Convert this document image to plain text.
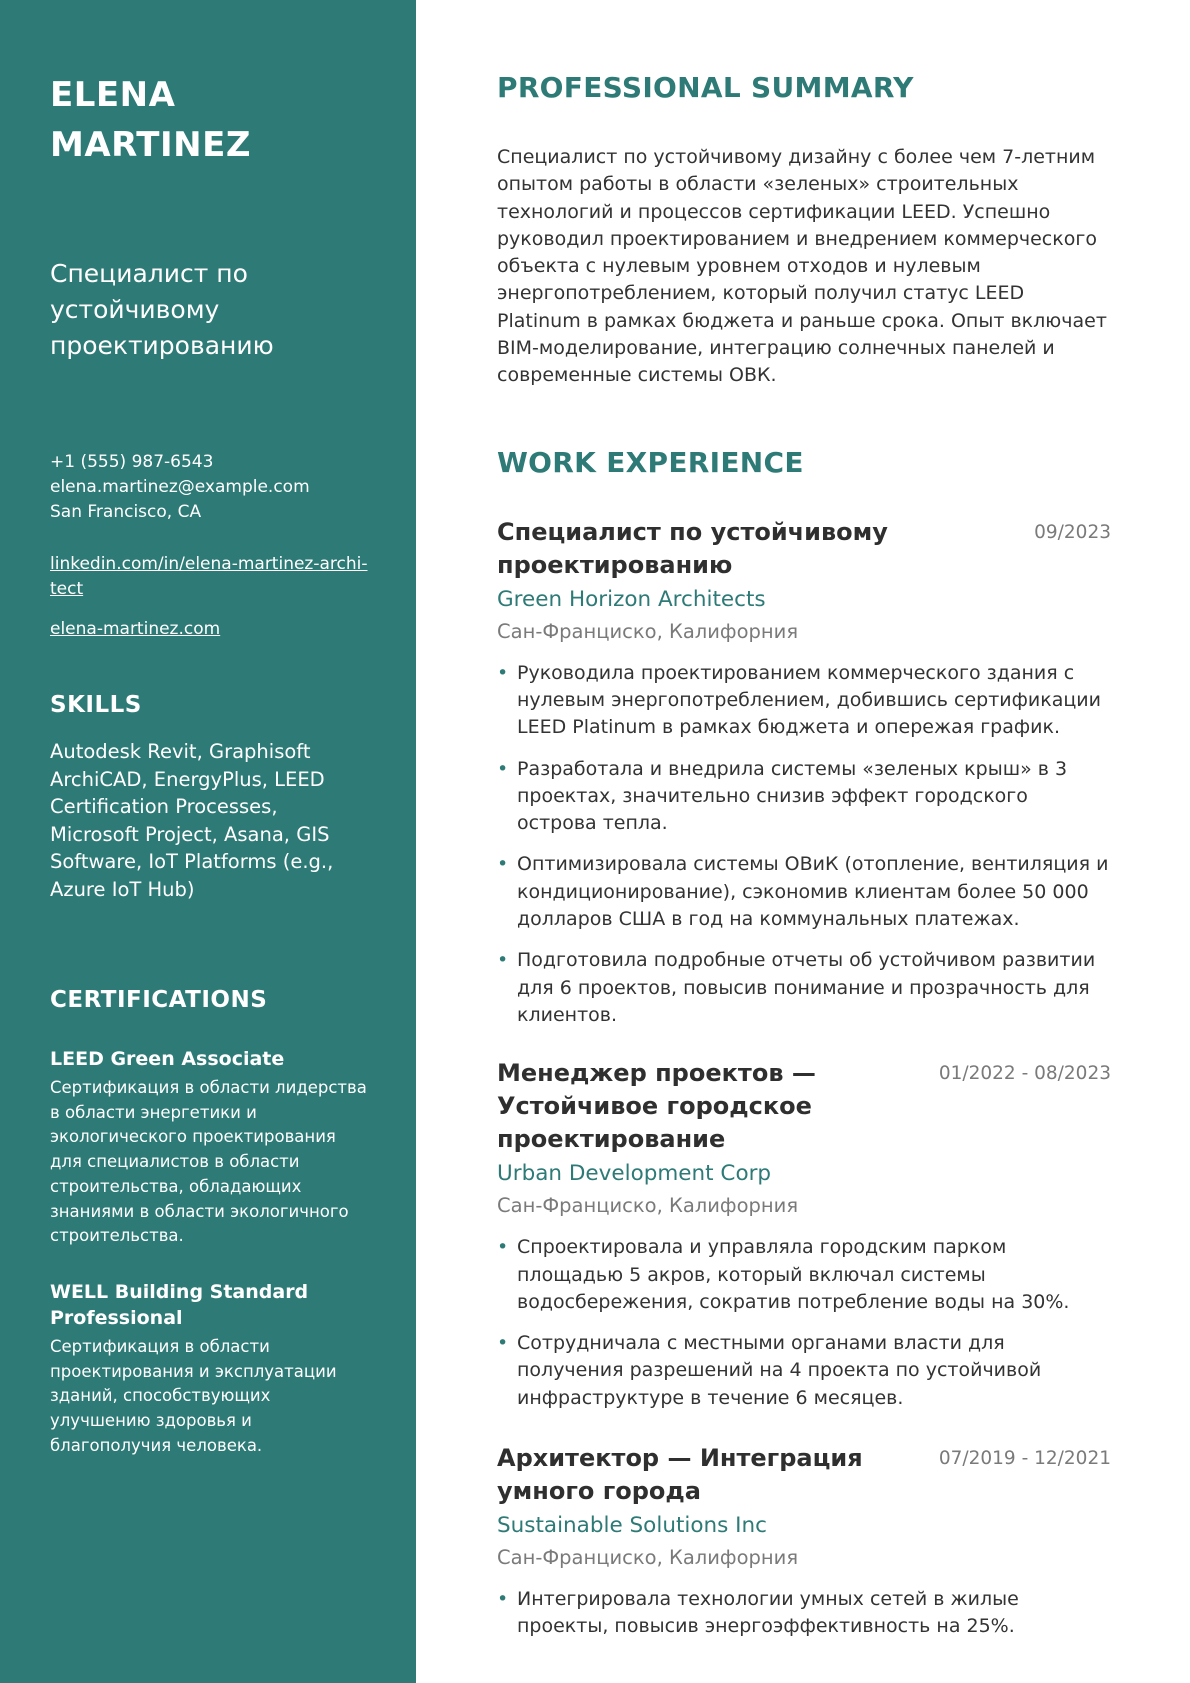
ELENA MARTINEZ
Специалист по устойчивому проектированию
+1 (555) 987-6543
elena.martinez@example.com
San Francisco, CA
linkedin.com/in/elena-martinez-archi-tect
elena-martinez.com
SKILLS

Autodesk Revit, Graphisoft ArchiCAD, EnergyPlus, LEED Certification Processes, Microsoft Project, Asana, GIS Software, IoT Platforms (e.g., Azure IoT Hub)

CERTIFICATIONS
LEED Green Associate
Сертификация в области лидерства в области энергетики и экологического проектирования для специалистов в области строительства, обладающих знаниями в области экологичного строительства.
WELL Building Standard Professional
Сертификация в области проектирования и эксплуатации зданий, способствующих улучшению здоровья и благополучия человека.
PROFESSIONAL SUMMARY

Специалист по устойчивому дизайну с более чем 7-летним опытом работы в области «зеленых» строительных технологий и процессов сертификации LEED. Успешно руководил проектированием и внедрением коммерческого объекта с нулевым уровнем отходов и нулевым энергопотреблением, который получил статус LEED Platinum в рамках бюджета и раньше срока. Опыт включает BIM-моделирование, интеграцию солнечных панелей и современные системы ОВК.

WORK EXPERIENCE
Специалист по устойчивому проектированию
09/2023
Green Horizon Architects
Сан-Франциско, Калифорния
• Руководила проектированием коммерческого здания с нулевым энергопотреблением, добившись сертификации LEED Platinum в рамках бюджета и опережая график.
• Разработала и внедрила системы «зеленых крыш» в 3 проектах, значительно снизив эффект городского острова тепла.
• Оптимизировала системы ОВиК (отопление, вентиляция и кондиционирование), сэкономив клиентам более 50 000 долларов США в год на коммунальных платежах.
• Подготовила подробные отчеты об устойчивом развитии для 6 проектов, повысив понимание и прозрачность для клиентов.
Менеджер проектов — Устойчивое городское проектирование
01/2022 - 08/2023
Urban Development Corp
Сан-Франциско, Калифорния
• Спроектировала и управляла городским парком площадью 5 акров, который включал системы водосбережения, сократив потребление воды на 30%.
• Сотрудничала с местными органами власти для получения разрешений на 4 проекта по устойчивой инфраструктуре в течение 6 месяцев.
Архитектор — Интеграция умного города
07/2019 - 12/2021
Sustainable Solutions Inc
Сан-Франциско, Калифорния
• Интегрировала технологии умных сетей в жилые проекты, повысив энергоэффективность на 25%.
